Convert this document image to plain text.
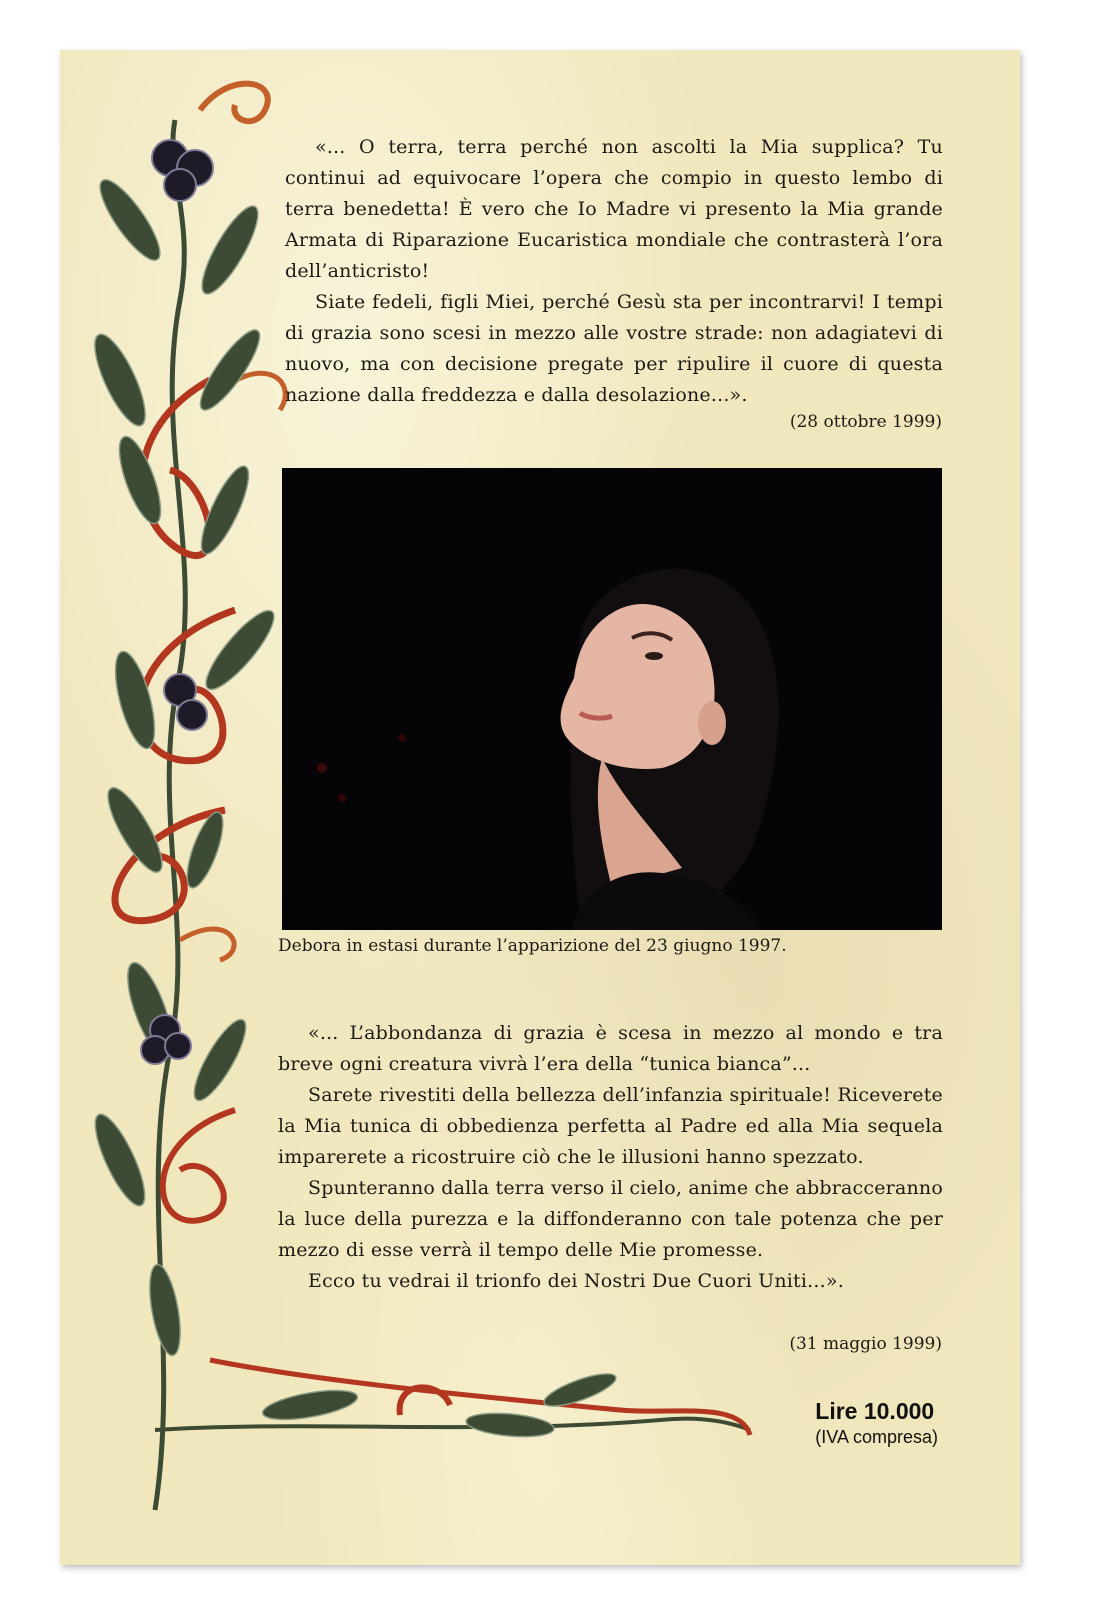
«... O terra, terra perché non ascolti la Mia supplica? Tu continui ad equivocare l’opera che compio in questo lembo di terra benedetta! È vero che Io Madre vi presento la Mia grande Armata di Riparazione Eucaristica mondiale che contrasterà l’ora dell’anticristo!

Siate fedeli, figli Miei, perché Gesù sta per incontrarvi! I tempi di grazia sono scesi in mezzo alle vostre strade: non adagiatevi di nuovo, ma con decisione pregate per ripulire il cuore di questa nazione dalla freddezza e dalla desolazione...».

(28 ottobre 1999)
Debora in estasi durante l’apparizione del 23 giugno 1997.

«... L’abbondanza di grazia è scesa in mezzo al mondo e tra breve ogni creatura vivrà l’era della “tunica bianca”...

Sarete rivestiti della bellezza dell’infanzia spirituale! Riceverete la Mia tunica di obbedienza perfetta al Padre ed alla Mia sequela imparerete a ricostruire ciò che le illusioni hanno spezzato.

Spunteranno dalla terra verso il cielo, anime che abbracceranno la luce della purezza e la diffonderanno con tale potenza che per mezzo di esse verrà il tempo delle Mie promesse.

Ecco tu vedrai il trionfo dei Nostri Due Cuori Uniti...».

(31 maggio 1999)
Lire 10.000
(IVA compresa)
